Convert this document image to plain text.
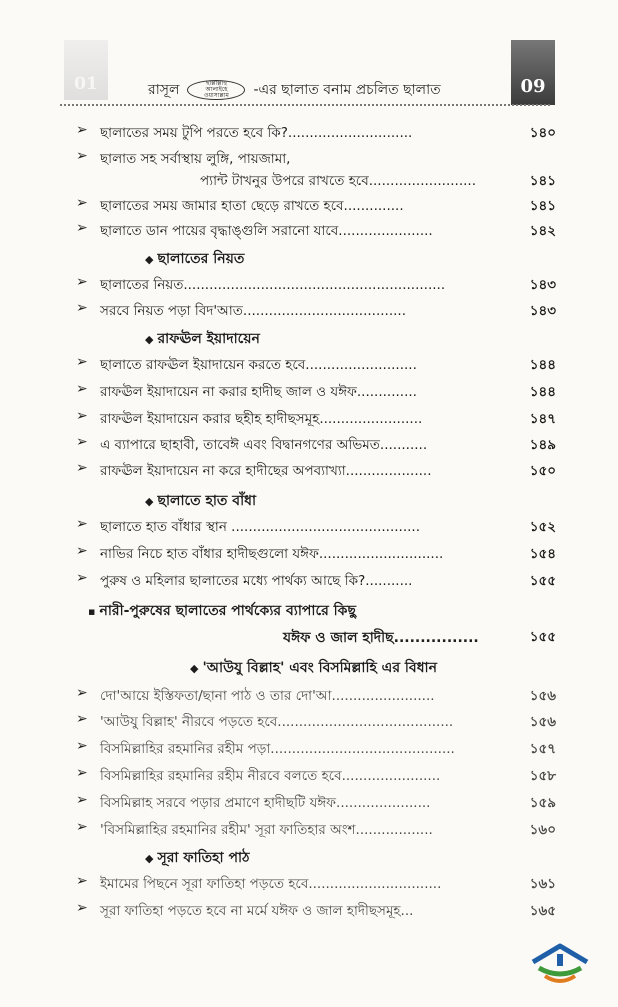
01	রাসূল	ছাল্লাল্লাহু
আলাইহে
ওয়াসাল্লাম -এর ছালাত বনাম প্রচলিত ছালাত	09
➢ ছালাতের সময় টুপি পরতে হবে কি?.............................	১৪০
➢ ছালাত সহ সর্বাস্থায় লুঙ্গি, পায়জামা,
প্যান্ট টাখনুর উপরে রাখতে হবে.........................	১৪১
➢ ছালাতের সময় জামার হাতা ছেড়ে রাখতে হবে..............	১৪১
➢ ছালাতে ডান পায়ের বৃদ্ধাঙ্গুলি সরানো যাবে......................	১৪২
◆ ছালাতের নিয়ত
➢ ছালাতের নিয়ত.............................................................	১৪৩
➢ সরবে নিয়ত পড়া বিদ'আত......................................	১৪৩
◆ রাফঊল ইয়াদায়েন
➢ ছালাতে রাফঊল ইয়াদায়েন করতে হবে..........................	১৪৪
➢ রাফঊল ইয়াদায়েন না করার হাদীছ জাল ও যঈফ..............	১৪৪
➢ রাফঊল ইয়াদায়েন করার ছহীহ হাদীছসমূহ........................	১৪৭
➢ এ ব্যাপারে ছাহাবী, তাবেঈ এবং বিদ্বানগণের অভিমত...........	১৪৯
➢ রাফঊল ইয়াদায়েন না করে হাদীছের অপব্যাখ্যা....................	১৫০
◆ ছালাতে হাত বাঁধা
➢ ছালাতে হাত বাঁধার স্থান ............................................	১৫২
➢ নাভির নিচে হাত বাঁধার হাদীছগুলো যঈফ.............................	১৫৪
➢ পুরুষ ও মহিলার ছালাতের মধ্যে পার্থক্য আছে কি?...........	১৫৫
▪ নারী-পুরুষের ছালাতের পার্থক্যের ব্যাপারে কিছু
যঈফ ও জাল হাদীছ................	১৫৫
◆ 'আউযু বিল্লাহ' এবং বিসমিল্লাহি এর বিধান
➢ দো'আয়ে ইস্তিফতা/ছানা পাঠ ও তার দো'আ........................	১৫৬
➢ 'আউযু বিল্লাহ' নীরবে পড়তে হবে.........................................	১৫৬
➢ বিসমিল্লাহির রহমানির রহীম পড়া...........................................	১৫৭
➢ বিসমিল্লাহির রহমানির রহীম নীরবে বলতে হবে.......................	১৫৮
➢ বিসমিল্লাহ সরবে পড়ার প্রমাণে হাদীছটি যঈফ......................	১৫৯
➢ 'বিসমিল্লাহির রহমানির রহীম' সূরা ফাতিহার অংশ..................	১৬০
◆ সূরা ফাতিহা পাঠ
➢ ইমামের পিছনে সূরা ফাতিহা পড়তে হবে...............................	১৬১
➢ সূরা ফাতিহা পড়তে হবে না মর্মে যঈফ ও জাল হাদীছসমূহ...	১৬৫
